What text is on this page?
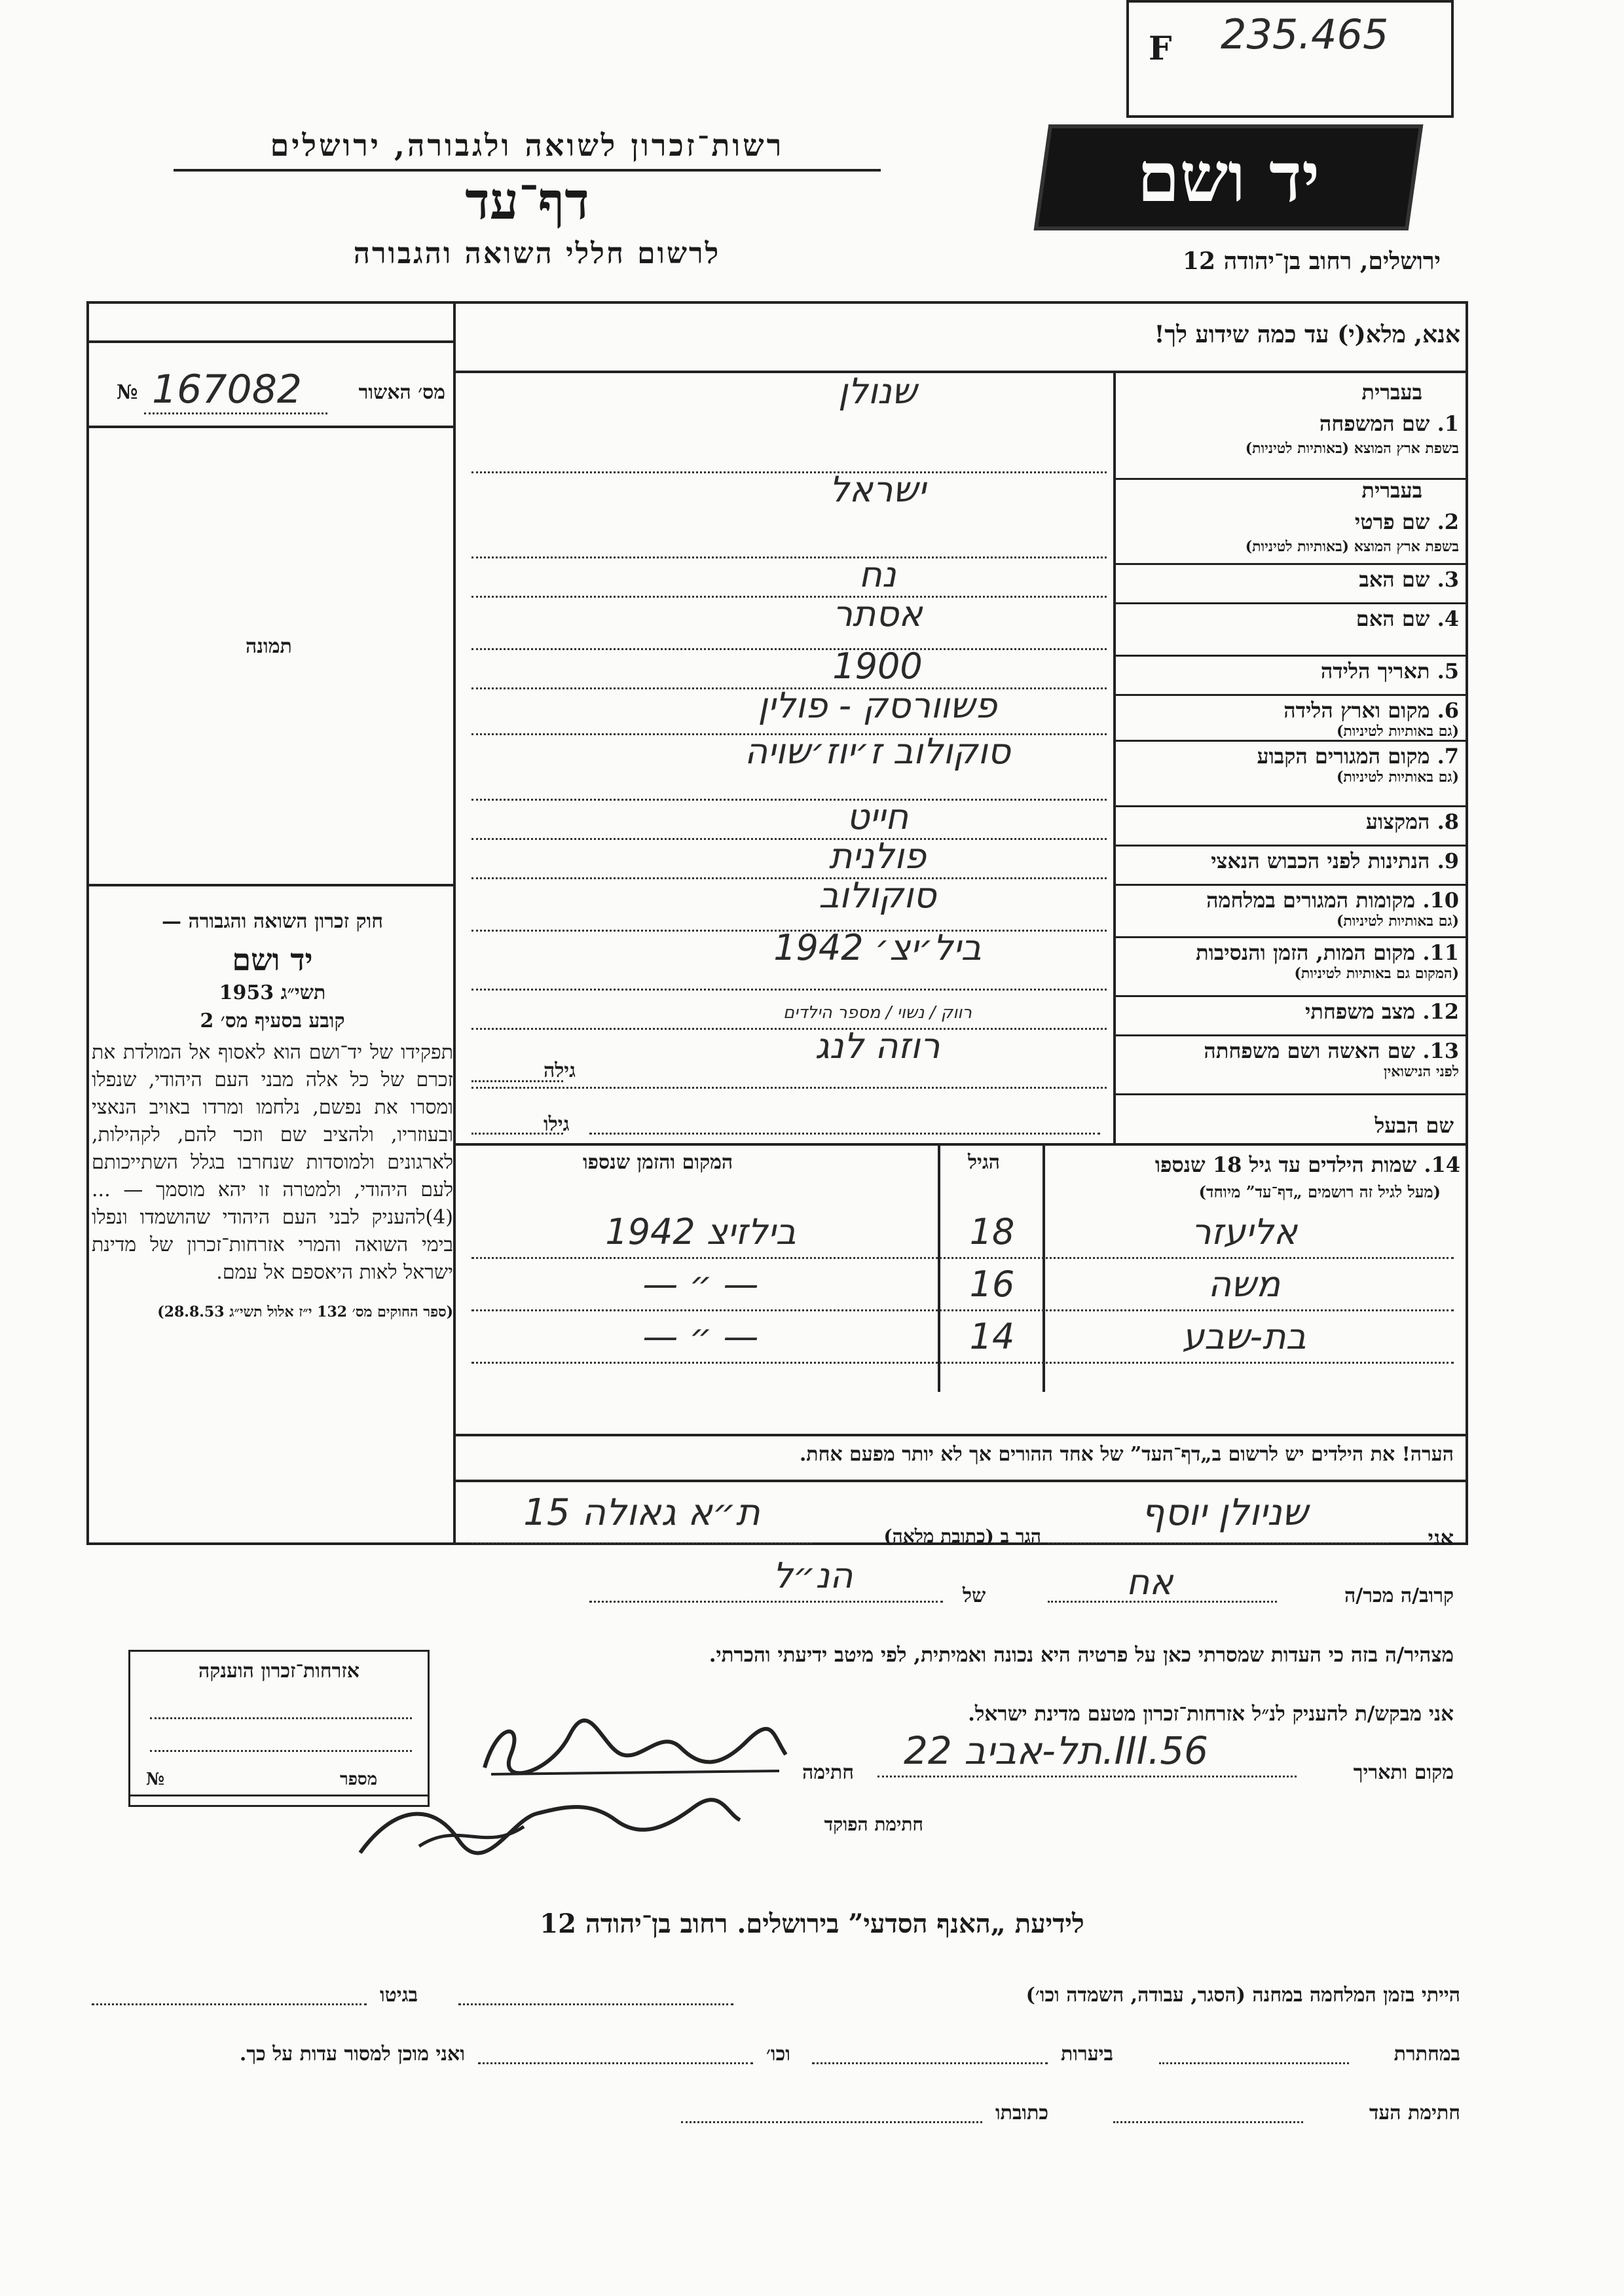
235.465
F
רשות־זכרון לשואה ולגבורה, ירושלים
דף־עד
לרשום חללי השואה והגבורה
יד ושם
ירושלים, רחוב בן־יהודה 12
אנא, מלא(י) עד כמה שידוע לך!
מס׳ האשור
№ 167082
תמונה
1. שם המשפחה
בעברית
בשפת ארץ המוצא (באותיות לטיניות)
שנולן
2. שם פרטי
בעברית
בשפת ארץ המוצא (באותיות לטיניות)
ישראל
3. שם האב
נח
4. שם האם
אסתר
5. תאריך הלידה
1900
6. מקום וארץ הלידה
(גם באותיות לטיניות)
פשוורסק - פולין
7. מקום המגורים הקבוע
(גם באותיות לטיניות)
סוקולוב ז׳יוז׳שויה
8. המקצוע
חייט
9. הנתינות לפני הכבוש הנאצי
פולנית
10. מקומות המגורים במלחמה
(גם באותיות לטיניות)
סוקולוב
11. מקום המות, הזמן והנסיבות
(המקום גם באותיות לטיניות)
ביל׳יצ׳ 1942
12. מצב משפחתי
רווק / נשוי / מספר הילדים
13. שם האשה ושם משפחתה
לפני הנישואין
רוזה לנג
גילה
שם הבעל
גילו
14. שמות הילדים עד גיל 18 שנספו
(מעל לגיל זה רושמים „דף־עד” מיוחד)
הגיל
המקום והזמן שנספו
אליעזר
18
בילזיצ 1942
משה
16
— ״ —
בת-שבע
14
— ״ —
חוק זכרון השואה והגבורה —
יד ושם
תשי״ג 1953
קובע בסעיף מס׳ 2
תפקידו של יד־ושם הוא לאסוף אל המולדת את זכרם של כל אלה מבני העם היהודי, שנפלו ומסרו את נפשם, נלחמו ומרדו באויב הנאצי ובעוזריו, ולהציב שם וזכר להם, לקהילות, לארגונים ולמוסדות שנחרבו בגלל השתייכותם לעם היהודי, ולמטרה זו יהא מוסמך — ...(4)להעניק לבני העם היהודי שהושמדו ונפלו בימי השואה והמרי אזרחות־זכרון של מדינת ישראל לאות היאספם אל עמם.
(ספר החוקים מס׳ 132 י״ז אלול תשי״ג 28.8.53)
הערה! את הילדים יש לרשום ב„דף־העד” של אחד ההורים אך לא יותר מפעם אחת.
אני
שניולן יוסף
הגר ב (כתובת מלאה)
ת״א גאולה 15
קרוב/ה מכר/ה
אח
של
הנ״ל
מצהיר/ה בזה כי העדות שמסרתי כאן על פרטיה היא נכונה ואמיתית, לפי מיטב ידיעתי והכרתי.
אני מבקש/ת להעניק לנ״ל אזרחות־זכרון מטעם מדינת ישראל.
מקום ותאריך
תל-אביב 22.III.56
חתימה
חתימת הפוקד
אזרחות־זכרון הוענקה
№	מספר
לידיעת „האנף הסדעי” בירושלים. רחוב בן־יהודה 12
הייתי בזמן המלחמה במחנה (הסגר, עבודה, השמדה וכו׳)
בגיטו
במחתרת
ביערות
וכו׳
ואני מוכן למסור עדות על כך.
חתימת העד
כתובתו
